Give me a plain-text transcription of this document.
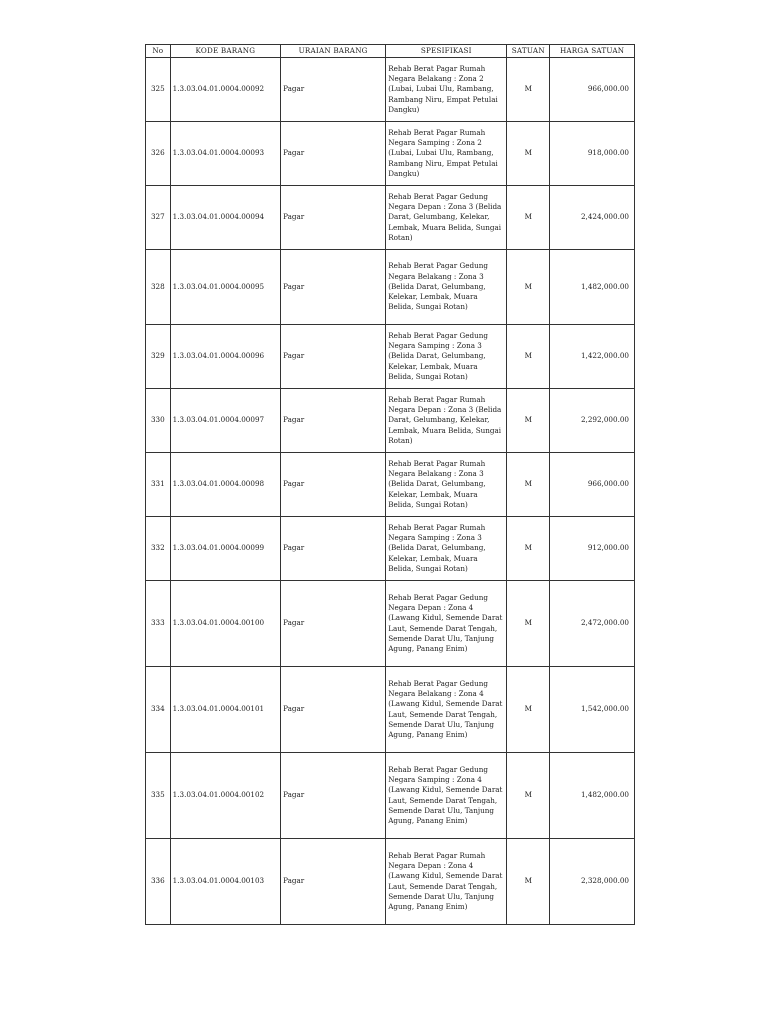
No	KODE BARANG	URAIAN BARANG	SPESIFIKASI	SATUAN	HARGA SATUAN
325	1.3.03.04.01.0004.00092	Pagar	Rehab Berat Pagar Rumah Negara Belakang : Zona 2 (Lubai, Lubai Ulu, Rambang, Rambang Niru, Empat Petulai Dangku)	M	966,000.00
326	1.3.03.04.01.0004.00093	Pagar	Rehab Berat Pagar Rumah Negara Samping : Zona 2 (Lubai, Lubai Ulu, Rambang, Rambang Niru, Empat Petulai Dangku)	M	918,000.00
327	1.3.03.04.01.0004.00094	Pagar	Rehab Berat Pagar Gedung Negara Depan : Zona 3 (Belida Darat, Gelumbang, Kelekar, Lembak, Muara Belida, Sungai Rotan)	M	2,424,000.00
328	1.3.03.04.01.0004.00095	Pagar	Rehab Berat Pagar Gedung Negara Belakang : Zona 3 (Belida Darat, Gelumbang, Kelekar, Lembak, Muara Belida, Sungai Rotan)	M	1,482,000.00
329	1.3.03.04.01.0004.00096	Pagar	Rehab Berat Pagar Gedung Negara Samping : Zona 3 (Belida Darat, Gelumbang, Kelekar, Lembak, Muara Belida, Sungai Rotan)	M	1,422,000.00
330	1.3.03.04.01.0004.00097	Pagar	Rehab Berat Pagar Rumah Negara Depan : Zona 3 (Belida Darat, Gelumbang, Kelekar, Lembak, Muara Belida, Sungai Rotan)	M	2,292,000.00
331	1.3.03.04.01.0004.00098	Pagar	Rehab Berat Pagar Rumah Negara Belakang : Zona 3 (Belida Darat, Gelumbang, Kelekar, Lembak, Muara Belida, Sungai Rotan)	M	966,000.00
332	1.3.03.04.01.0004.00099	Pagar	Rehab Berat Pagar Rumah Negara Samping : Zona 3 (Belida Darat, Gelumbang, Kelekar, Lembak, Muara Belida, Sungai Rotan)	M	912,000.00
333	1.3.03.04.01.0004.00100	Pagar	Rehab Berat Pagar Gedung Negara Depan : Zona 4 (Lawang Kidul, Semende Darat Laut, Semende Darat Tengah, Semende Darat Ulu, Tanjung Agung, Panang Enim)	M	2,472,000.00
334	1.3.03.04.01.0004.00101	Pagar	Rehab Berat Pagar Gedung Negara Belakang : Zona 4 (Lawang Kidul, Semende Darat Laut, Semende Darat Tengah, Semende Darat Ulu, Tanjung Agung, Panang Enim)	M	1,542,000.00
335	1.3.03.04.01.0004.00102	Pagar	Rehab Berat Pagar Gedung Negara Samping : Zona 4 (Lawang Kidul, Semende Darat Laut, Semende Darat Tengah, Semende Darat Ulu, Tanjung Agung, Panang Enim)	M	1,482,000.00
336	1.3.03.04.01.0004.00103	Pagar	Rehab Berat Pagar Rumah Negara Depan : Zona 4 (Lawang Kidul, Semende Darat Laut, Semende Darat Tengah, Semende Darat Ulu, Tanjung Agung, Panang Enim)	M	2,328,000.00
